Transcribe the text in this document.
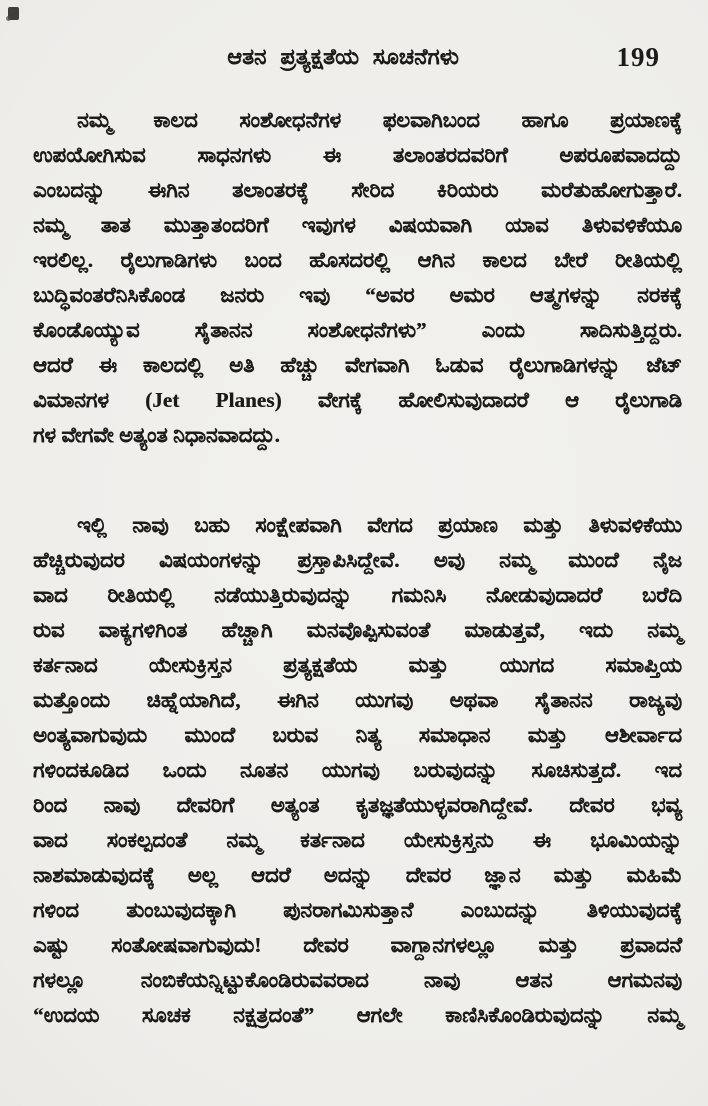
ಆತನ ಪ್ರತ್ಯಕ್ಷತೆಯ ಸೂಚನೆಗಳು	199
ನಮ್ಮ ಕಾಲದ ಸಂಶೋಧನೆಗಳ ಫಲವಾಗಿಬಂದ ಹಾಗೂ ಪ್ರಯಾಣಕ್ಕೆ
ಉಪಯೋಗಿಸುವ ಸಾಧನಗಳು ಈ ತಲಾಂತರದವರಿಗೆ ಅಪರೂಪವಾದದ್ದು
ಎಂಬದನ್ನು ಈಗಿನ ತಲಾಂತರಕ್ಕೆ ಸೇರಿದ ಕಿರಿಯರು ಮರೆತುಹೋಗುತ್ತಾರೆ.
ನಮ್ಮ ತಾತ ಮುತ್ತಾತಂದರಿಗೆ ಇವುಗಳ ವಿಷಯವಾಗಿ ಯಾವ ತಿಳುವಳಿಕೆಯೂ
ಇರಲಿಲ್ಲ. ರೈಲುಗಾಡಿಗಳು ಬಂದ ಹೊಸದರಲ್ಲಿ ಆಗಿನ ಕಾಲದ ಬೇರೆ ರೀತಿಯಲ್ಲಿ
ಬುದ್ಧಿವಂತರೆನಿಸಿಕೊಂಡ ಜನರು ಇವು “ಅವರ ಅಮರ ಆತ್ಮಗಳನ್ನು ನರಕಕ್ಕೆ
ಕೊಂಡೊಯ್ಯುವ ಸೈತಾನನ ಸಂಶೋಧನೆಗಳು” ಎಂದು ಸಾದಿಸುತ್ತಿದ್ದರು.
ಆದರೆ ಈ ಕಾಲದಲ್ಲಿ ಅತಿ ಹೆಚ್ಚು ವೇಗವಾಗಿ ಓಡುವ ರೈಲುಗಾಡಿಗಳನ್ನು ಜೆಟ್
ವಿಮಾನಗಳ (Jet Planes) ವೇಗಕ್ಕೆ ಹೋಲಿಸುವುದಾದರೆ ಆ ರೈಲುಗಾಡಿ
ಗಳ ವೇಗವೇ ಅತ್ಯಂತ ನಿಧಾನವಾದದ್ದು.
ಇಲ್ಲಿ ನಾವು ಬಹು ಸಂಕ್ಷೇಪವಾಗಿ ವೇಗದ ಪ್ರಯಾಣ ಮತ್ತು ತಿಳುವಳಿಕೆಯು
ಹೆಚ್ಚಿರುವುದರ ವಿಷಯಂಗಳನ್ನು ಪ್ರಸ್ತಾಪಿಸಿದ್ದೇವೆ. ಅವು ನಮ್ಮ ಮುಂದೆ ನೈಜ
ವಾದ ರೀತಿಯಲ್ಲಿ ನಡೆಯುತ್ತಿರುವುದನ್ನು ಗಮನಿಸಿ ನೋಡುವುದಾದರೆ ಬರೆದಿ
ರುವ ವಾಕ್ಯಗಳಿಗಿಂತ ಹೆಚ್ಚಾಗಿ ಮನವೊಪ್ಪಿಸುವಂತೆ ಮಾಡುತ್ತವೆ, ಇದು ನಮ್ಮ
ಕರ್ತನಾದ ಯೇಸುಕ್ರಿಸ್ತನ ಪ್ರತ್ಯಕ್ಷತೆಯ ಮತ್ತು ಯುಗದ ಸಮಾಪ್ತಿಯ
ಮತ್ತೊಂದು ಚಿಹ್ನೆಯಾಗಿದೆ, ಈಗಿನ ಯುಗವು ಅಥವಾ ಸೈತಾನನ ರಾಜ್ಯವು
ಅಂತ್ಯವಾಗುವುದು ಮುಂದೆ ಬರುವ ನಿತ್ಯ ಸಮಾಧಾನ ಮತ್ತು ಆಶೀರ್ವಾದ
ಗಳಿಂದಕೂಡಿದ ಒಂದು ನೂತನ ಯುಗವು ಬರುವುದನ್ನು ಸೂಚಿಸುತ್ತದೆ. ಇದ
ರಿಂದ ನಾವು ದೇವರಿಗೆ ಅತ್ಯಂತ ಕೃತಜ್ಞತೆಯುಳ್ಳವರಾಗಿದ್ದೇವೆ. ದೇವರ ಭವ್ಯ
ವಾದ ಸಂಕಲ್ಪದಂತೆ ನಮ್ಮ ಕರ್ತನಾದ ಯೇಸುಕ್ರಿಸ್ತನು ಈ ಭೂಮಿಯನ್ನು
ನಾಶಮಾಡುವುದಕ್ಕೆ ಅಲ್ಲ ಆದರೆ ಅದನ್ನು ದೇವರ ಜ್ಞಾನ ಮತ್ತು ಮಹಿಮೆ
ಗಳಿಂದ ತುಂಬುವುದಕ್ಕಾಗಿ ಪುನರಾಗಮಿಸುತ್ತಾನೆ ಎಂಬುದನ್ನು ತಿಳಿಯುವುದಕ್ಕೆ
ಎಷ್ಟು ಸಂತೋಷವಾಗುವುದು! ದೇವರ ವಾಗ್ದಾನಗಳಲ್ಲೂ ಮತ್ತು ಪ್ರವಾದನೆ
ಗಳಲ್ಲೂ ನಂಬಿಕೆಯನ್ನಿಟ್ಟುಕೊಂಡಿರುವವರಾದ ನಾವು ಆತನ ಆಗಮನವು
“ಉದಯ ಸೂಚಕ ನಕ್ಷತ್ರದಂತೆ” ಆಗಲೇ ಕಾಣಿಸಿಕೊಂಡಿರುವುದನ್ನು ನಮ್ಮ
